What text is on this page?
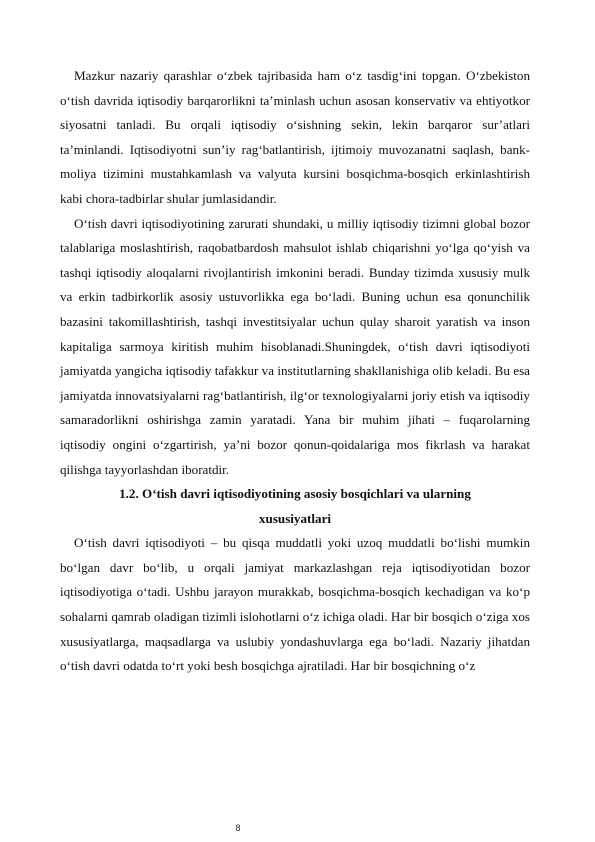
Mazkur nazariy qarashlar o‘zbek tajribasida ham o‘z tasdig‘ini topgan. O‘zbekiston o‘tish davrida iqtisodiy barqarorlikni ta’minlash uchun asosan konservativ va ehtiyotkor siyosatni tanladi. Bu orqali iqtisodiy o‘sishning sekin, lekin barqaror sur’atlari ta’minlandi. Iqtisodiyotni sun’iy rag‘batlantirish, ijtimoiy muvozanatni saqlash, bank-moliya tizimini mustahkamlash va valyuta kursini bosqichma-bosqich erkinlashtirish kabi chora-tadbirlar shular jumlasidandir.

O‘tish davri iqtisodiyotining zarurati shundaki, u milliy iqtisodiy tizimni global bozor talablariga moslashtirish, raqobatbardosh mahsulot ishlab chiqarishni yo‘lga qo‘yish va tashqi iqtisodiy aloqalarni rivojlantirish imkonini beradi. Bunday tizimda xususiy mulk va erkin tadbirkorlik asosiy ustuvorlikka ega bo‘ladi. Buning uchun esa qonunchilik bazasini takomillashtirish, tashqi investitsiyalar uchun qulay sharoit yaratish va inson kapitaliga sarmoya kiritish muhim hisoblanadi.Shuningdek, o‘tish davri iqtisodiyoti jamiyatda yangicha iqtisodiy tafakkur va institutlarning shakllanishiga olib keladi. Bu esa jamiyatda innovatsiyalarni rag‘batlantirish, ilg‘or texnologiyalarni joriy etish va iqtisodiy samaradorlikni oshirishga zamin yaratadi. Yana bir muhim jihati – fuqarolarning iqtisodiy ongini o‘zgartirish, ya’ni bozor qonun-qoidalariga mos fikrlash va harakat qilishga tayyorlashdan iboratdir.

1.2. O‘tish davri iqtisodiyotining asosiy bosqichlari va ularning
xususiyatlari

O‘tish davri iqtisodiyoti – bu qisqa muddatli yoki uzoq muddatli bo‘lishi mumkin bo‘lgan davr bo‘lib, u orqali jamiyat markazlashgan reja iqtisodiyotidan bozor iqtisodiyotiga o‘tadi. Ushbu jarayon murakkab, bosqichma-bosqich kechadigan va ko‘p sohalarni qamrab oladigan tizimli islohotlarni o‘z ichiga oladi. Har bir bosqich o‘ziga xos xususiyatlarga, maqsadlarga va uslubiy yondashuvlarga ega bo‘ladi. Nazariy jihatdan o‘tish davri odatda to‘rt yoki besh bosqichga ajratiladi. Har bir bosqichning o‘z

8
